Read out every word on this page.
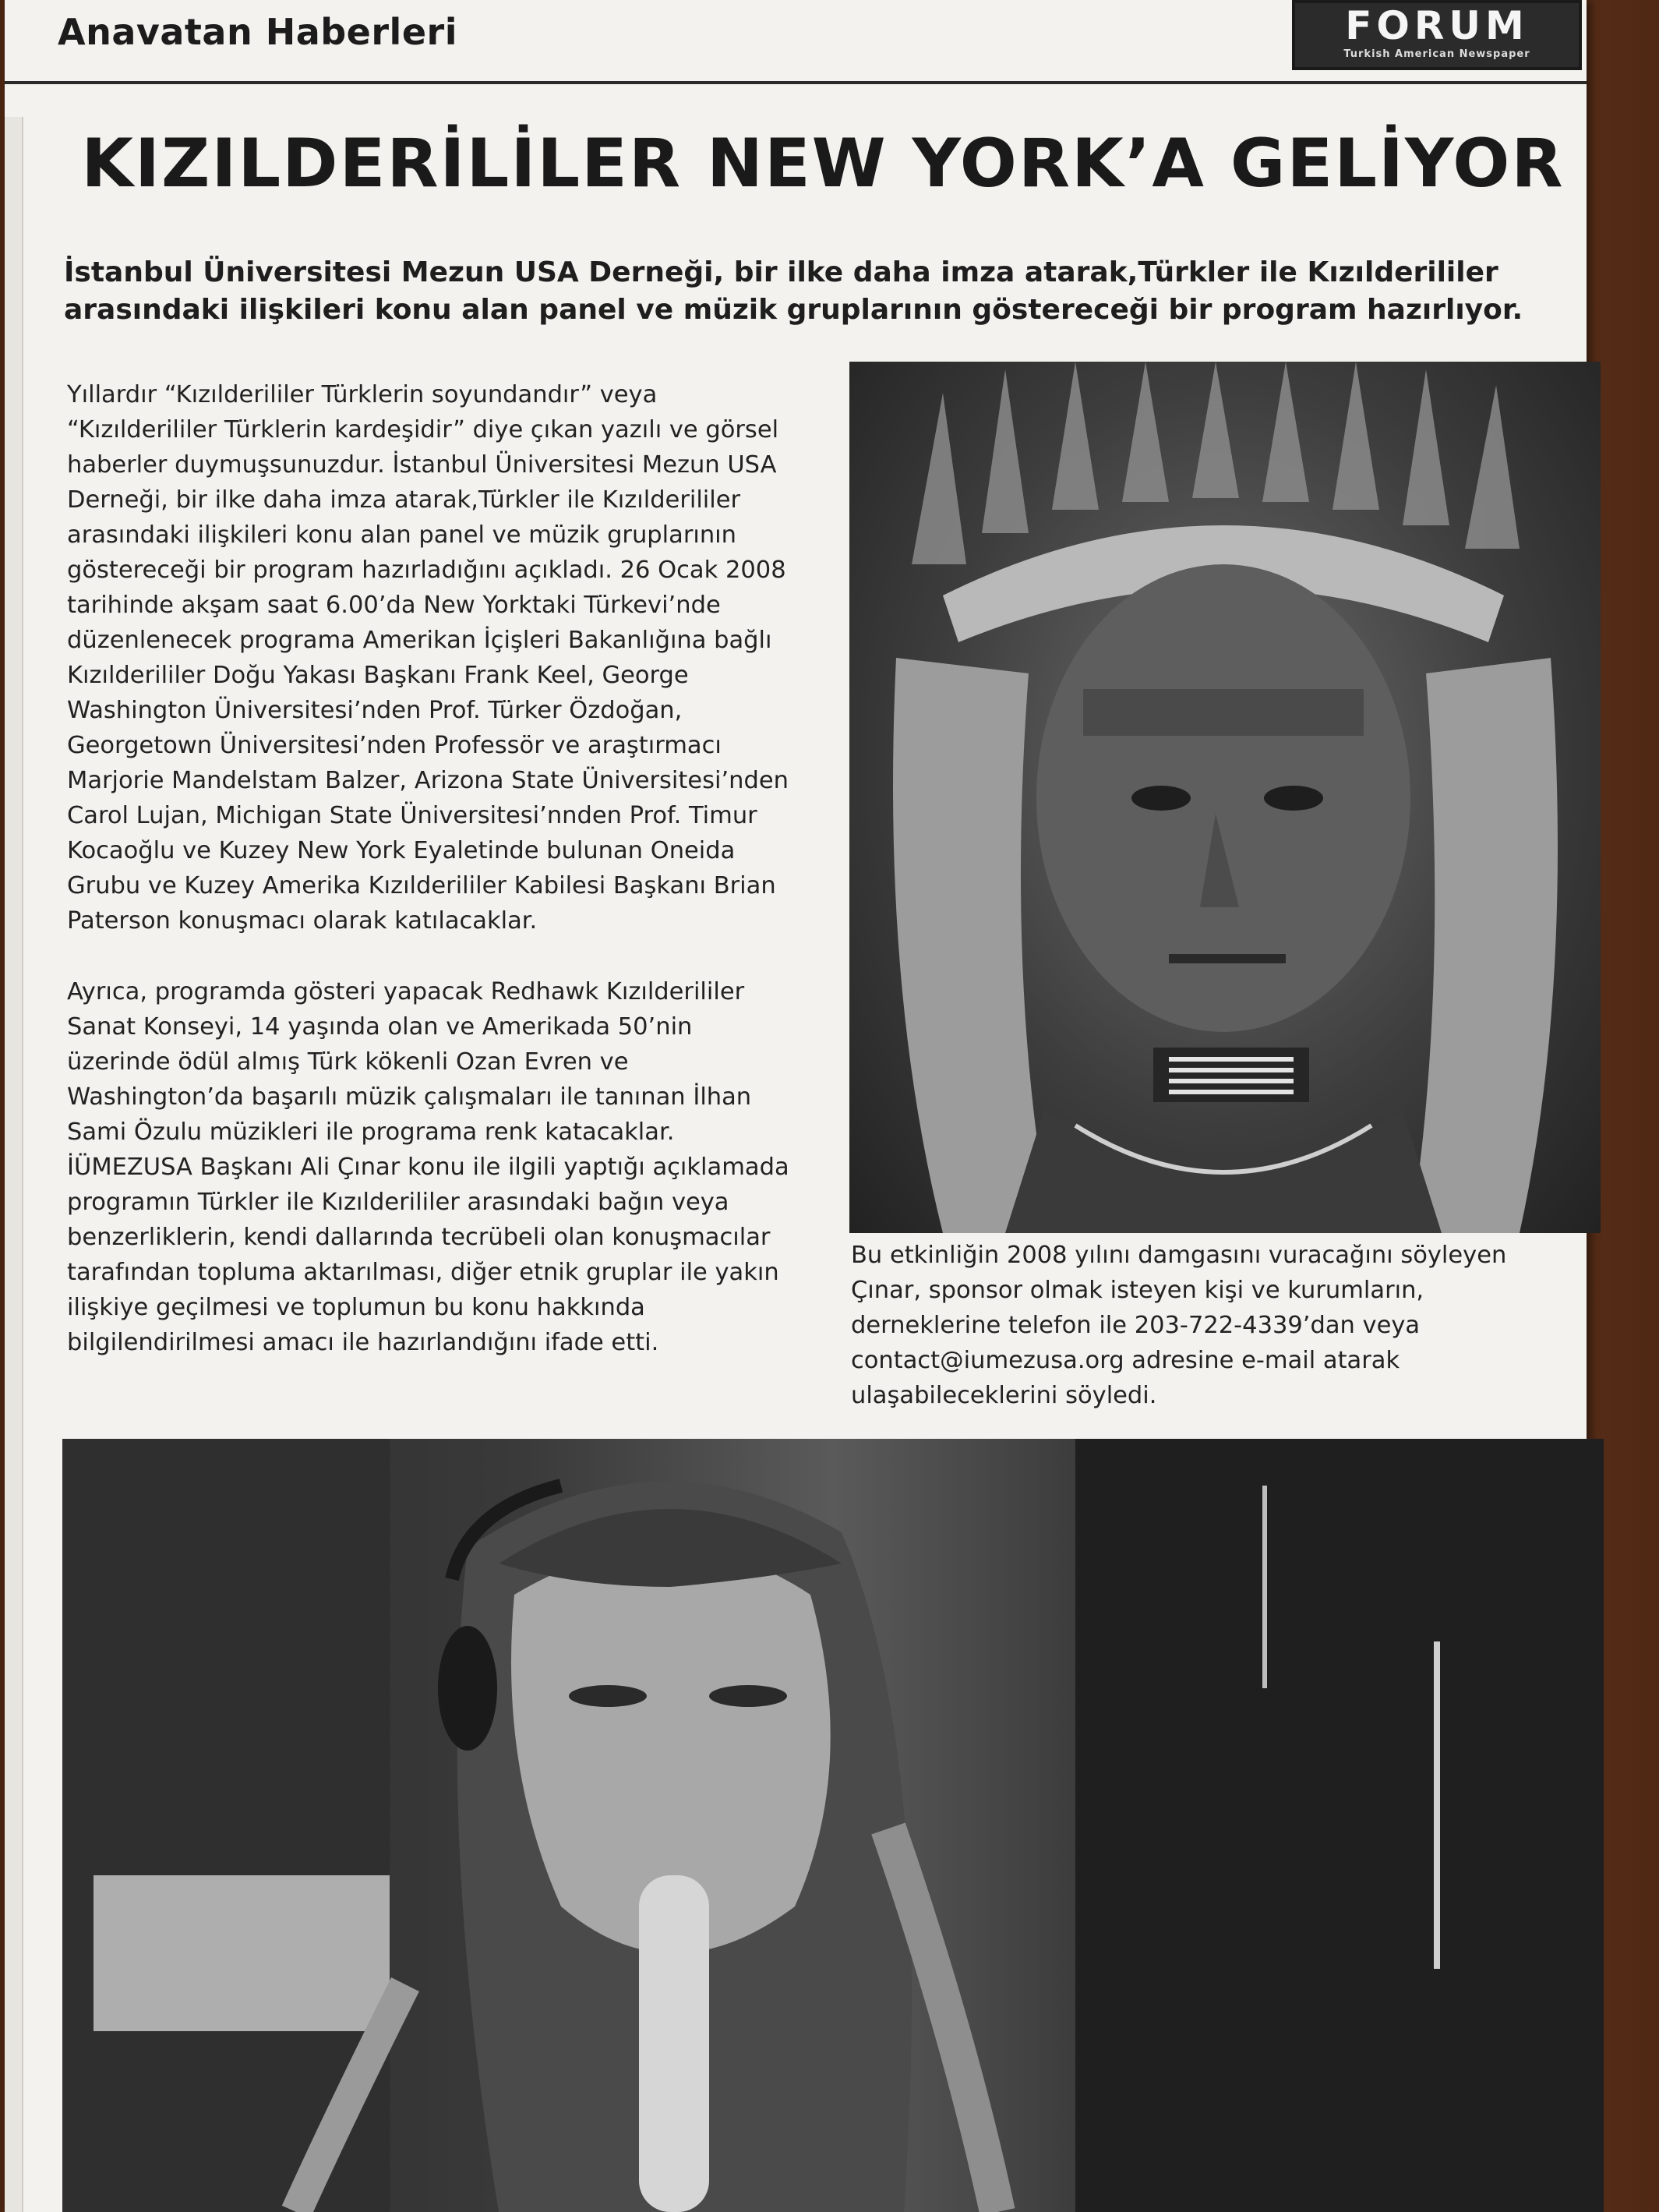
Anavatan Haberleri	FORUM
Turkish American Newspaper
KIZILDERİLİLER NEW YORK’A GELİYOR
İstanbul Üniversitesi Mezun USA Derneği, bir ilke daha imza atarak,Türkler ile Kızılderililer arasındaki ilişkileri konu alan panel ve müzik gruplarının göstereceği bir program hazırlıyor.

Yıllardır “Kızılderililer Türklerin soyundandır” veya “Kızılderililer Türklerin kardeşidir” diye çıkan yazılı ve görsel haberler duymuşsunuzdur. İstanbul Üniversitesi Mezun USA Derneği, bir ilke daha imza atarak,Türkler ile Kızılderililer arasındaki ilişkileri konu alan panel ve müzik gruplarının göstereceği bir program hazırladığını açıkladı. 26 Ocak 2008 tarihinde akşam saat 6.00’da New Yorktaki Türkevi’nde düzenlenecek programa Amerikan İçişleri Bakanlığına bağlı Kızılderililer Doğu Yakası Başkanı Frank Keel, George Washington Üniversitesi’nden Prof. Türker Özdoğan, Georgetown Üniversitesi’nden Professör ve araştırmacı Marjorie Mandelstam Balzer, Arizona State Üniversitesi’nden Carol Lujan, Michigan State Üniversitesi’nnden Prof. Timur Kocaoğlu ve Kuzey New York Eyaletinde bulunan Oneida Grubu ve Kuzey Amerika Kızılderililer Kabilesi Başkanı Brian Paterson konuşmacı olarak katılacaklar.

Ayrıca, programda gösteri yapacak Redhawk Kızılderililer Sanat Konseyi, 14 yaşında olan ve Amerikada 50’nin üzerinde ödül almış Türk kökenli Ozan Evren ve Washington’da başarılı müzik çalışmaları ile tanınan İlhan Sami Özulu müzikleri ile programa renk katacaklar. İÜMEZUSA Başkanı Ali Çınar konu ile ilgili yaptığı açıklamada programın Türkler ile Kızılderililer arasındaki bağın veya benzerliklerin, kendi dallarında tecrübeli olan konuşmacılar tarafından topluma aktarılması, diğer etnik gruplar ile yakın ilişkiye geçilmesi ve toplumun bu konu hakkında bilgilendirilmesi amacı ile hazırlandığını ifade etti.

Bu etkinliğin 2008 yılını damgasını vuracağını söyleyen Çınar, sponsor olmak isteyen kişi ve kurumların, derneklerine telefon ile 203-722-4339’dan veya contact@iumezusa.org adresine e-mail atarak ulaşabileceklerini söyledi.
